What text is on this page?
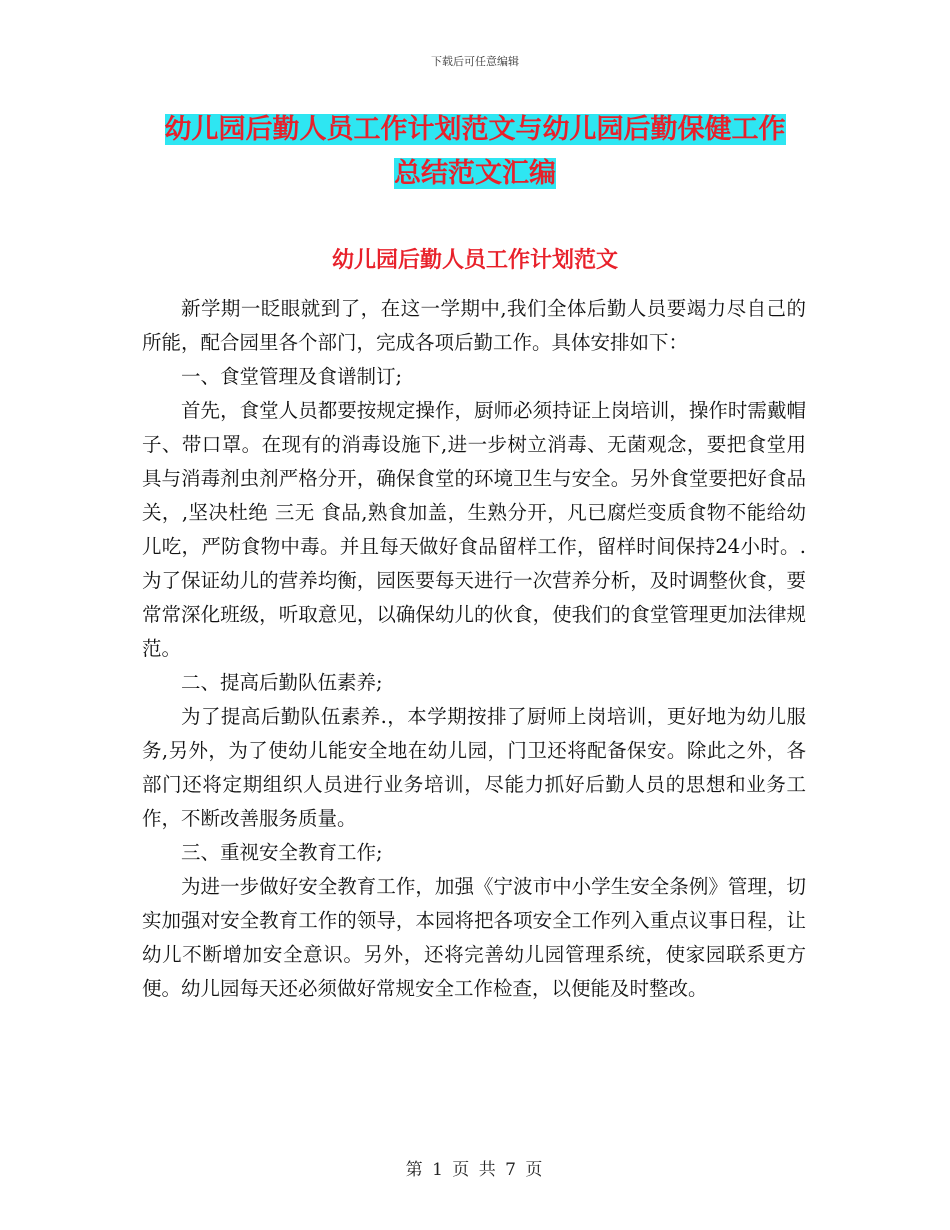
下载后可任意编辑
幼儿园后勤人员工作计划范文与幼儿园后勤保健工作
总结范文汇编
幼儿园后勤人员工作计划范文

新学期一眨眼就到了，在这一学期中,我们全体后勤人员要竭力尽自己的所能，配合园里各个部门，完成各项后勤工作。具体安排如下：

一、食堂管理及食谱制订;

首先，食堂人员都要按规定操作，厨师必须持证上岗培训，操作时需戴帽子、带口罩。在现有的消毒设施下,进一步树立消毒、无菌观念，要把食堂用具与消毒剂虫剂严格分开，确保食堂的环境卫生与安全。另外食堂要把好食品关，,坚决杜绝 三无 食品,熟食加盖，生熟分开，凡已腐烂变质食物不能给幼儿吃，严防食物中毒。并且每天做好食品留样工作，留样时间保持24小时。.为了保证幼儿的营养均衡，园医要每天进行一次营养分析，及时调整伙食，要常常深化班级，听取意见，以确保幼儿的伙食，使我们的食堂管理更加法律规范。

二、提高后勤队伍素养;

为了提高后勤队伍素养.，本学期按排了厨师上岗培训，更好地为幼儿服务,另外，为了使幼儿能安全地在幼儿园，门卫还将配备保安。除此之外，各部门还将定期组织人员进行业务培训，尽能力抓好后勤人员的思想和业务工作，不断改善服务质量。

三、重视安全教育工作;

为进一步做好安全教育工作，加强《宁波市中小学生安全条例》管理，切实加强对安全教育工作的领导，本园将把各项安全工作列入重点议事日程，让幼儿不断增加安全意识。另外，还将完善幼儿园管理系统，使家园联系更方便。幼儿园每天还必须做好常规安全工作检查，以便能及时整改。

第 1 页 共 7 页
